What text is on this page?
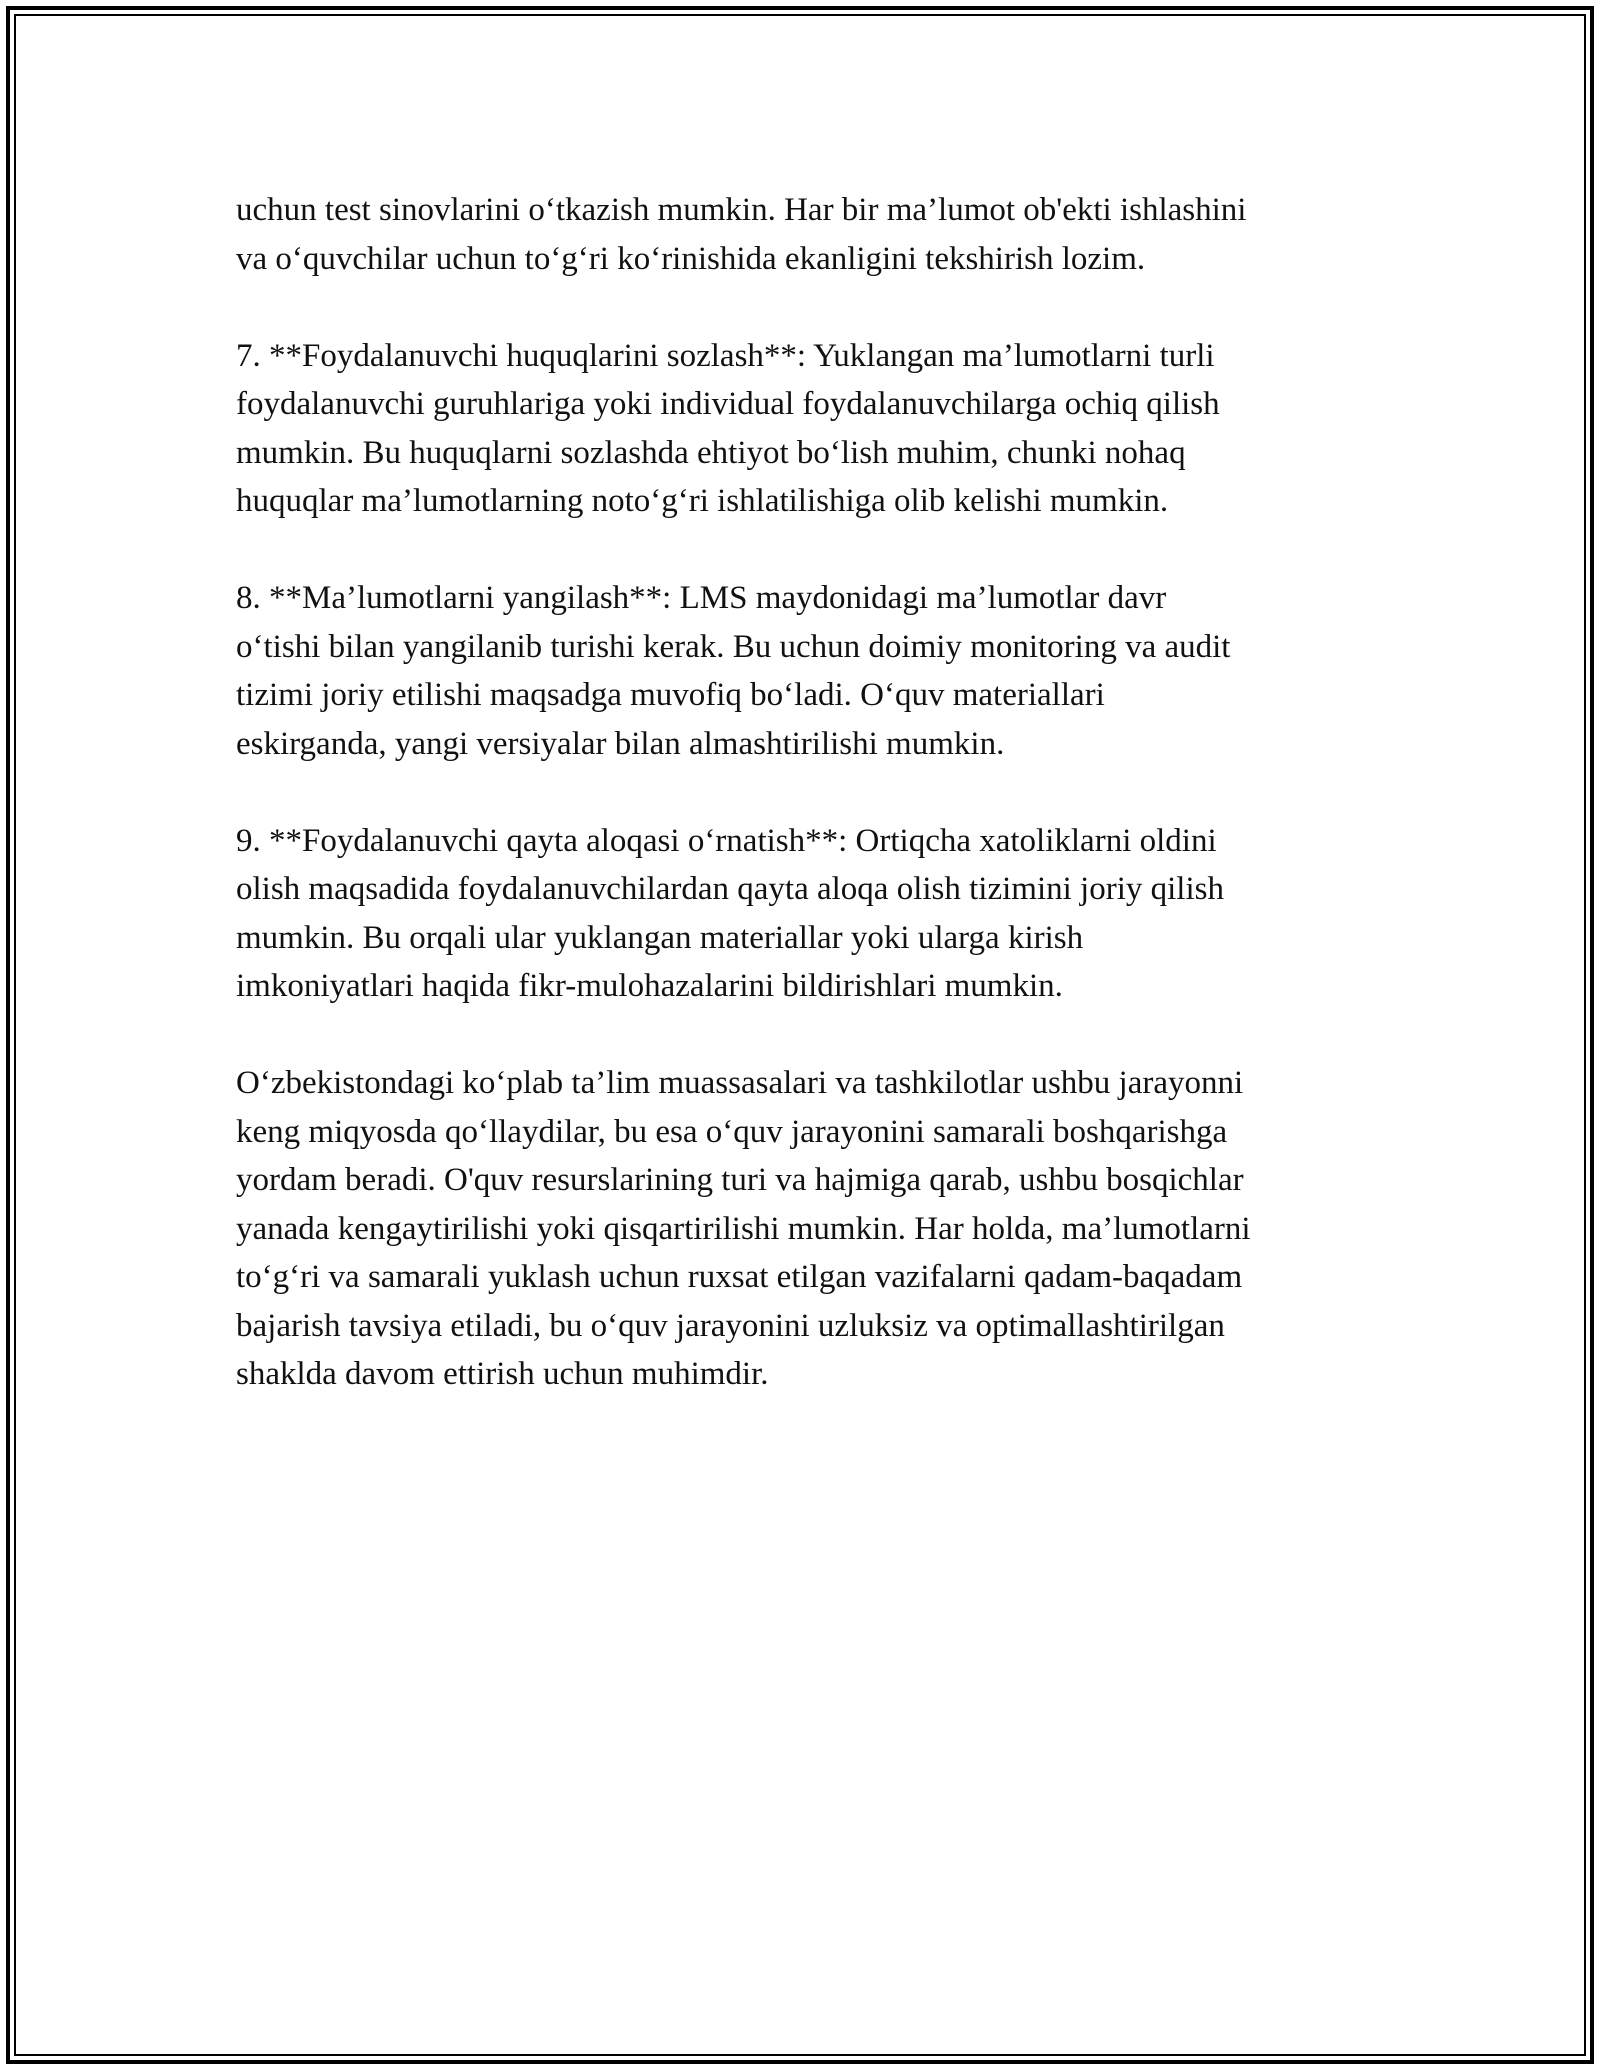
uchun test sinovlarini o‘tkazish mumkin. Har bir ma’lumot ob'ekti ishlashini
va o‘quvchilar uchun to‘g‘ri ko‘rinishida ekanligini tekshirish lozim.

7. **Foydalanuvchi huquqlarini sozlash**: Yuklangan ma’lumotlarni turli
foydalanuvchi guruhlariga yoki individual foydalanuvchilarga ochiq qilish
mumkin. Bu huquqlarni sozlashda ehtiyot bo‘lish muhim, chunki nohaq
huquqlar ma’lumotlarning noto‘g‘ri ishlatilishiga olib kelishi mumkin.

8. **Ma’lumotlarni yangilash**: LMS maydonidagi ma’lumotlar davr
o‘tishi bilan yangilanib turishi kerak. Bu uchun doimiy monitoring va audit
tizimi joriy etilishi maqsadga muvofiq bo‘ladi. O‘quv materiallari
eskirganda, yangi versiyalar bilan almashtirilishi mumkin.

9. **Foydalanuvchi qayta aloqasi o‘rnatish**: Ortiqcha xatoliklarni oldini
olish maqsadida foydalanuvchilardan qayta aloqa olish tizimini joriy qilish
mumkin. Bu orqali ular yuklangan materiallar yoki ularga kirish
imkoniyatlari haqida fikr-mulohazalarini bildirishlari mumkin.

O‘zbekistondagi ko‘plab ta’lim muassasalari va tashkilotlar ushbu jarayonni
keng miqyosda qo‘llaydilar, bu esa o‘quv jarayonini samarali boshqarishga
yordam beradi. O'quv resurslarining turi va hajmiga qarab, ushbu bosqichlar
yanada kengaytirilishi yoki qisqartirilishi mumkin. Har holda, ma’lumotlarni
to‘g‘ri va samarali yuklash uchun ruxsat etilgan vazifalarni qadam-baqadam
bajarish tavsiya etiladi, bu o‘quv jarayonini uzluksiz va optimallashtirilgan
shaklda davom ettirish uchun muhimdir.
